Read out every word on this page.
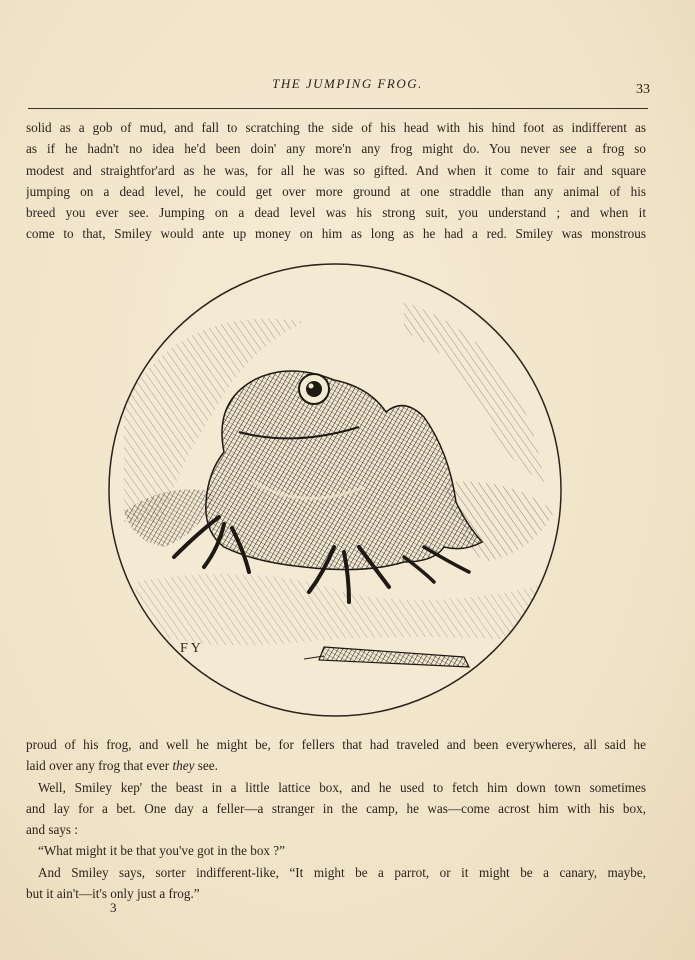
THE JUMPING FROG.	33
solid as a gob of mud, and fall to scratching the side of his head with his hind foot as indifferent as
as if he hadn't no idea he'd been doin' any more'n any frog might do. You never see a frog so
modest and straightfor'ard as he was, for all he was so gifted. And when it come to fair and square
jumping on a dead level, he could get over more ground at one straddle than any animal of his
breed you ever see. Jumping on a dead level was his strong suit, you understand ; and when it
come to that, Smiley would ante up money on him as long as he had a red. Smiley was monstrous
F Y
proud of his frog, and well he might be, for fellers that had traveled and been everywheres, all said he
laid over any frog that ever they see.
Well, Smiley kep' the beast in a little lattice box, and he used to fetch him down town sometimes
and lay for a bet. One day a feller—a stranger in the camp, he was—come acrost him with his box,
and says :
“What might it be that you've got in the box ?”
And Smiley says, sorter indifferent-like, “It might be a parrot, or it might be a canary, maybe,
but it ain't—it's only just a frog.”
3
